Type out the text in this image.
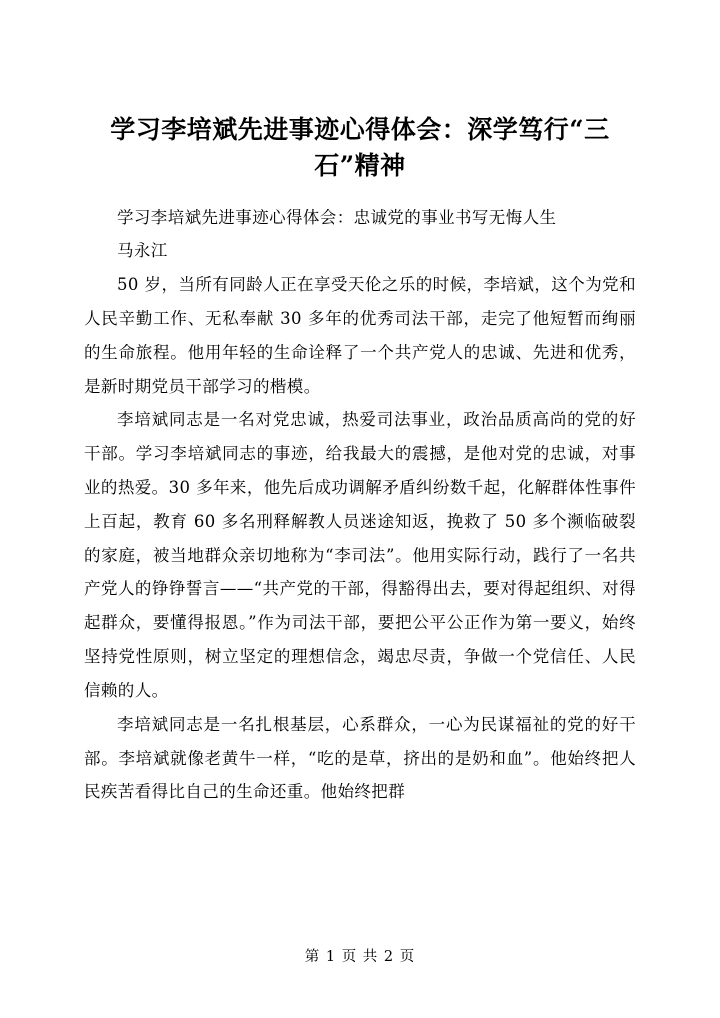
学习李培斌先进事迹心得体会：深学笃行“三石”精神
学习李培斌先进事迹心得体会：忠诚党的事业书写无悔人生
马永江

50 岁，当所有同龄人正在享受天伦之乐的时候，李培斌，这个为党和人民辛勤工作、无私奉献 30 多年的优秀司法干部，走完了他短暂而绚丽的生命旅程。他用年轻的生命诠释了一个共产党人的忠诚、先进和优秀，是新时期党员干部学习的楷模。

李培斌同志是一名对党忠诚，热爱司法事业，政治品质高尚的党的好干部。学习李培斌同志的事迹，给我最大的震撼，是他对党的忠诚，对事业的热爱。30 多年来，他先后成功调解矛盾纠纷数千起，化解群体性事件上百起，教育 60 多名刑释解教人员迷途知返，挽救了 50 多个濒临破裂的家庭，被当地群众亲切地称为“李司法”。他用实际行动，践行了一名共产党人的铮铮誓言——“共产党的干部，得豁得出去，要对得起组织、对得起群众，要懂得报恩。”作为司法干部，要把公平公正作为第一要义，始终坚持党性原则，树立坚定的理想信念，竭忠尽责，争做一个党信任、人民信赖的人。

李培斌同志是一名扎根基层，心系群众，一心为民谋福祉的党的好干部。李培斌就像老黄牛一样，“吃的是草，挤出的是奶和血”。他始终把人民疾苦看得比自己的生命还重。他始终把群

第 1 页 共 2 页
